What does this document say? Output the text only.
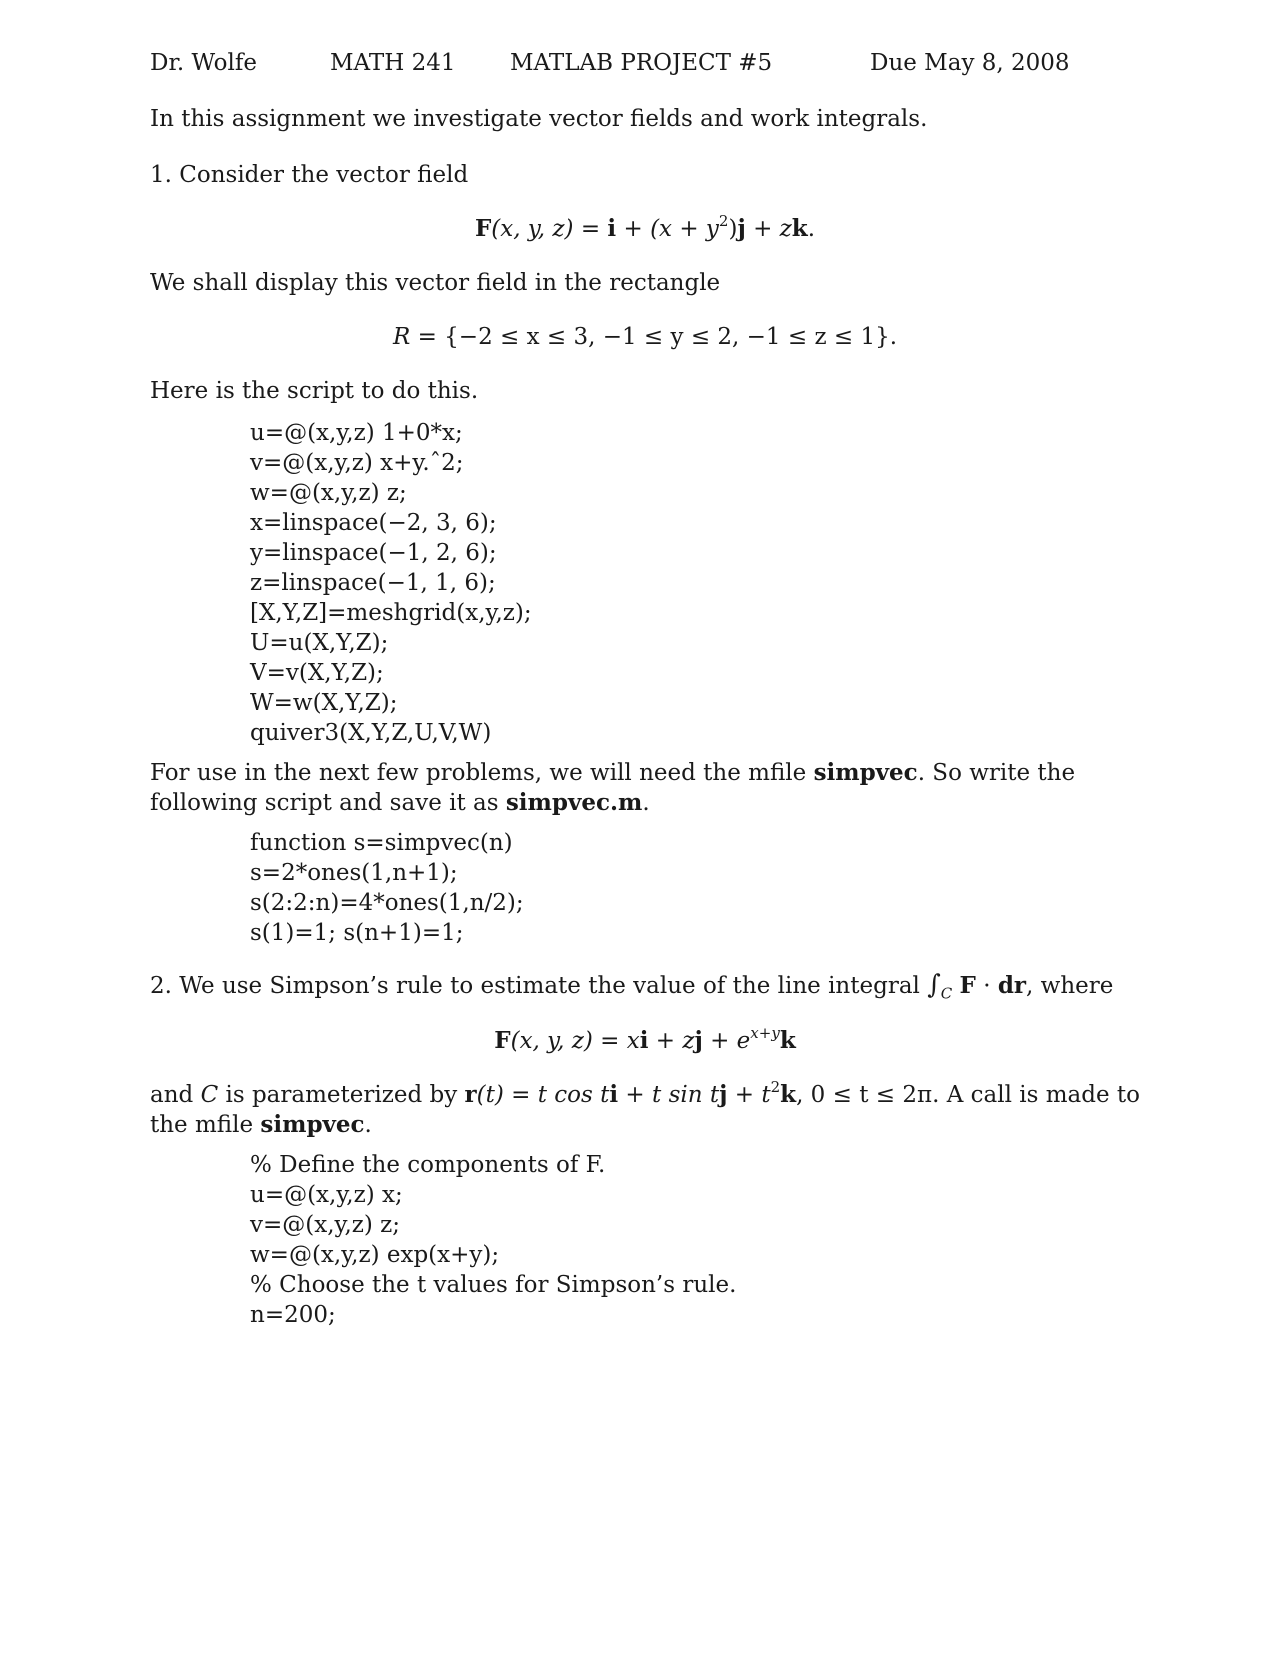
Dr. Wolfe	MATH 241 MATLAB PROJECT #5	Due May 8, 2008

In this assignment we investigate vector fields and work integrals.

1. Consider the vector field

F(x, y, $z) = i + (x + y^2)j$ + zk.

We shall display this vector field in the rectangle

R = {−2 ≤ x ≤ 3, −1 ≤ y ≤ 2, −1 ≤ z ≤ 1}.

Here is the script to do this.

u=@(x,y,z) 1+0*x;
v=@(x,y,z) x+y.ˆ2;
w=@(x,y,z) z;
x=linspace(−2, 3, 6);
y=linspace(−1, 2, 6);
z=linspace(−1, 1, 6);
[X,Y,Z]=meshgrid(x,y,z);
U=u(X,Y,Z);
V=v(X,Y,Z);
W=w(X,Y,Z);
quiver3(X,Y,Z,U,V,W)

For use in the next few problems, we will need the mfile simpvec. So write the following script and save it as simpvec.m.

function s=simpvec(n)
s=2*ones(1,n+1);
s(2:2:n)=4*ones(1,n/2);
s(1)=1; s(n+1)=1;

2. We use Simpson’s rule to estimate the value of the line integral $\int_C$ F · dr, where

F(x, y, z) = xi + zj + $e^{x+y}k$

and C is parameterized by r(t) = t cos ti + t sin tj + $t^2k$, 0 ≤ t ≤ 2π. A call is made to the mfile simpvec.

% Define the components of F.
u=@(x,y,z) x;
v=@(x,y,z) z;
w=@(x,y,z) exp(x+y);
% Choose the t values for Simpson’s rule.
n=200;
